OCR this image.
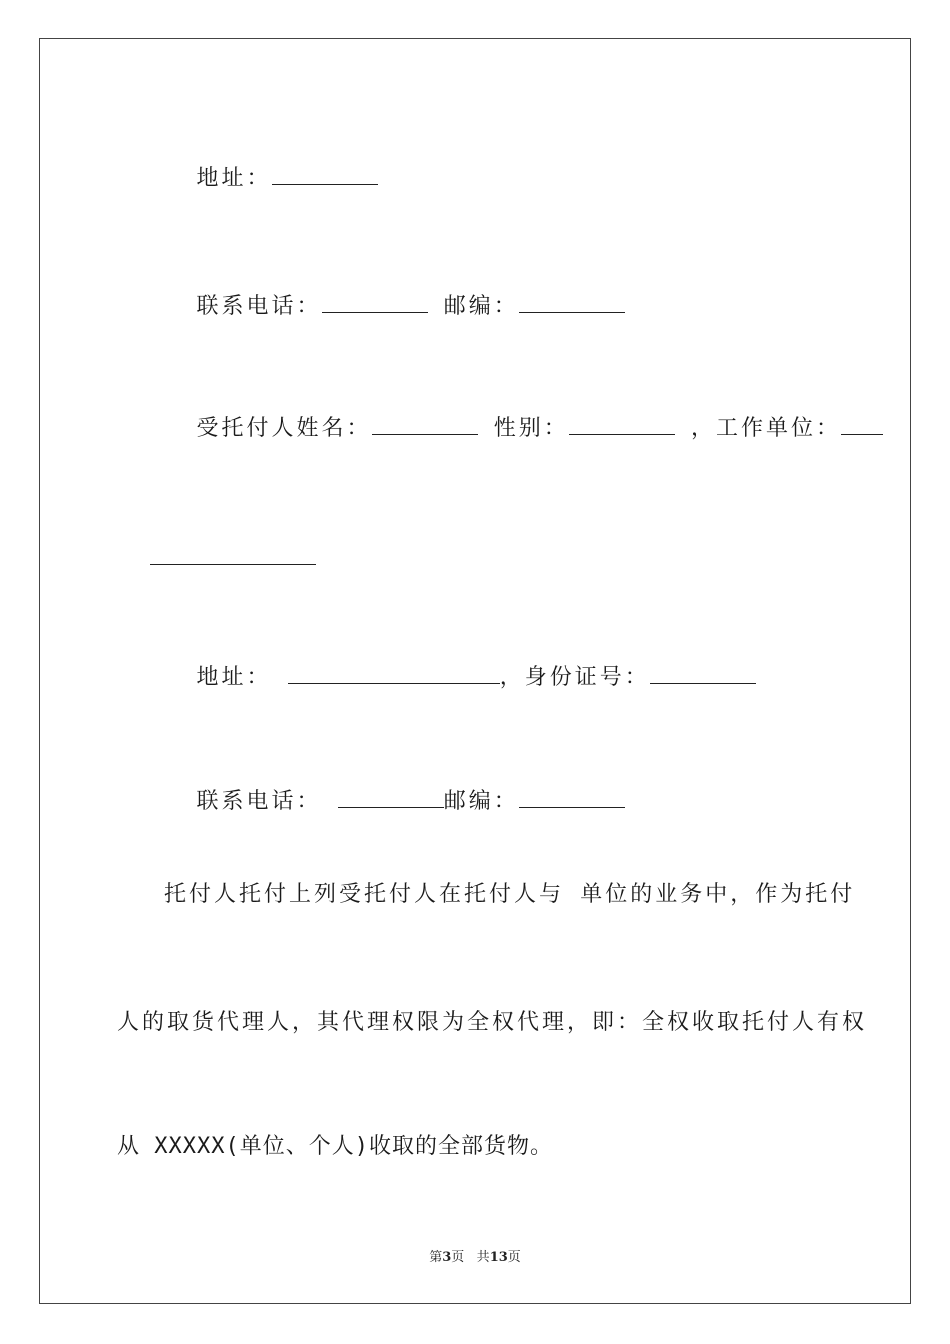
地址：

联系电话：	邮编：

受托付人姓名：	性别：	，工作单位：

地址：	，身份证号：

联系电话：	邮编：

托付人托付上列受托付人在托付人与 单位的业务中，作为托付
人的取货代理人，其代理权限为全权代理，即：全权收取托付人有权
从 XXXXX(单位、个人)收取的全部货物。
第3页 共13页
